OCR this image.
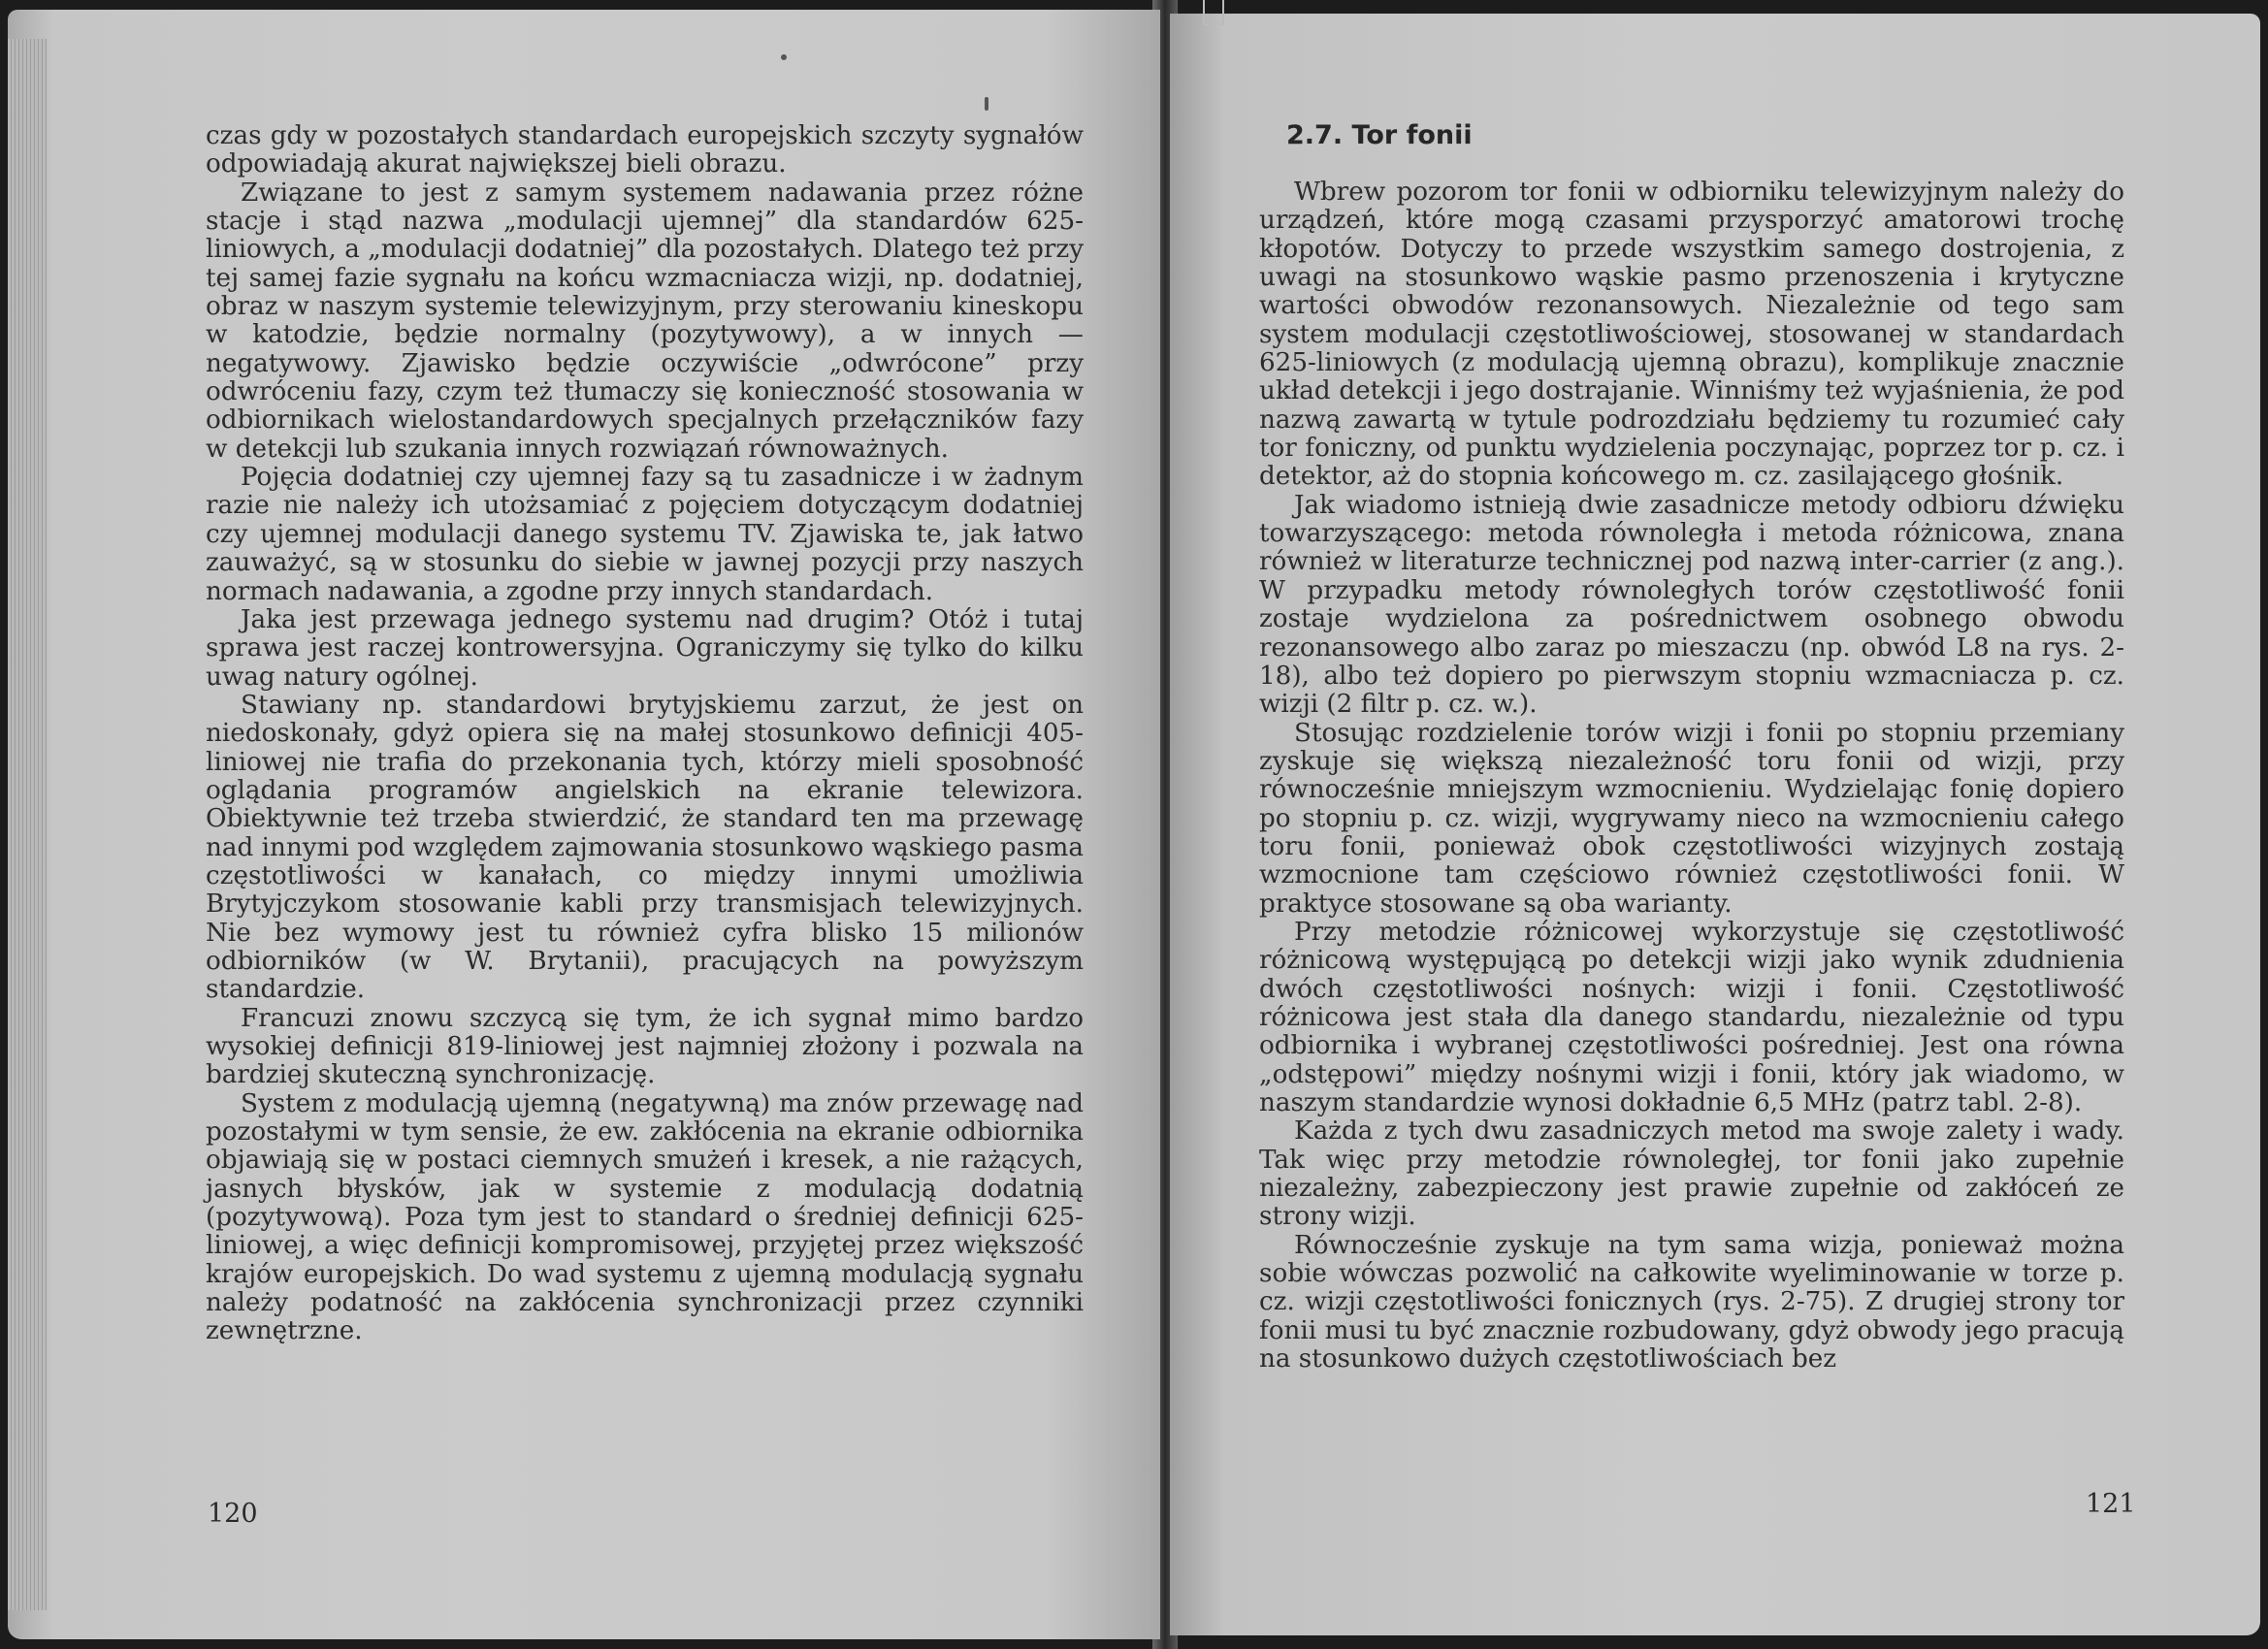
czas gdy w pozostałych standardach europejskich szczyty sygnałów odpowiadają akurat największej bieli obrazu.

Związane to jest z samym systemem nadawania przez różne stacje i stąd nazwa „modulacji ujemnej” dla standardów 625-liniowych, a „modulacji dodatniej” dla pozostałych. Dlatego też przy tej samej fazie sygnału na końcu wzmacniacza wizji, np. dodatniej, obraz w naszym systemie telewizyjnym, przy sterowaniu kineskopu w katodzie, będzie normalny (pozytywowy), a w innych — negatywowy. Zjawisko będzie oczywiście „odwrócone” przy odwróceniu fazy, czym też tłumaczy się konieczność stosowania w odbiornikach wielostandardowych specjalnych przełączników fazy w detekcji lub szukania innych rozwiązań równoważnych.

Pojęcia dodatniej czy ujemnej fazy są tu zasadnicze i w żadnym razie nie należy ich utożsamiać z pojęciem dotyczącym dodatniej czy ujemnej modulacji danego systemu TV. Zjawiska te, jak łatwo zauważyć, są w stosunku do siebie w jawnej pozycji przy naszych normach nadawania, a zgodne przy innych standardach.

Jaka jest przewaga jednego systemu nad drugim? Otóż i tutaj sprawa jest raczej kontrowersyjna. Ograniczymy się tylko do kilku uwag natury ogólnej.

Stawiany np. standardowi brytyjskiemu zarzut, że jest on niedoskonały, gdyż opiera się na małej stosunkowo definicji 405-liniowej nie trafia do przekonania tych, którzy mieli sposobność oglądania programów angielskich na ekranie telewizora. Obiektywnie też trzeba stwierdzić, że standard ten ma przewagę nad innymi pod względem zajmowania stosunkowo wąskiego pasma częstotliwości w kanałach, co między innymi umożliwia Brytyjczykom stosowanie kabli przy transmisjach telewizyjnych. Nie bez wymowy jest tu również cyfra blisko 15 milionów odbiorników (w W. Brytanii), pracujących na powyższym standardzie.

Francuzi znowu szczycą się tym, że ich sygnał mimo bardzo wysokiej definicji 819-liniowej jest najmniej złożony i pozwala na bardziej skuteczną synchronizację.

System z modulacją ujemną (negatywną) ma znów przewagę nad pozostałymi w tym sensie, że ew. zakłócenia na ekranie odbiornika objawiają się w postaci ciemnych smużeń i kresek, a nie rażących, jasnych błysków, jak w systemie z modulacją dodatnią (pozytywową). Poza tym jest to standard o średniej definicji 625-liniowej, a więc definicji kompromisowej, przyjętej przez większość krajów europejskich. Do wad systemu z ujemną modulacją sygnału należy podatność na zakłócenia synchronizacji przez czynniki zewnętrzne.

120
2.7. Tor fonii

Wbrew pozorom tor fonii w odbiorniku telewizyjnym należy do urządzeń, które mogą czasami przysporzyć amatorowi trochę kłopotów. Dotyczy to przede wszystkim samego dostrojenia, z uwagi na stosunkowo wąskie pasmo przenoszenia i krytyczne wartości obwodów rezonansowych. Niezależnie od tego sam system modulacji częstotliwościowej, stosowanej w standardach 625-liniowych (z modulacją ujemną obrazu), komplikuje znacznie układ detekcji i jego dostrajanie. Winniśmy też wyjaśnienia, że pod nazwą zawartą w tytule podrozdziału będziemy tu rozumieć cały tor foniczny, od punktu wydzielenia poczynając, poprzez tor p. cz. i detektor, aż do stopnia końcowego m. cz. zasilającego głośnik.

Jak wiadomo istnieją dwie zasadnicze metody odbioru dźwięku towarzyszącego: metoda równoległa i metoda różnicowa, znana również w literaturze technicznej pod nazwą inter-carrier (z ang.). W przypadku metody równoległych torów częstotliwość fonii zostaje wydzielona za pośrednictwem osobnego obwodu rezonansowego albo zaraz po mieszaczu (np. obwód L8 na rys. 2-18), albo też dopiero po pierwszym stopniu wzmacniacza p. cz. wizji (2 filtr p. cz. w.).

Stosując rozdzielenie torów wizji i fonii po stopniu przemiany zyskuje się większą niezależność toru fonii od wizji, przy równocześnie mniejszym wzmocnieniu. Wydzielając fonię dopiero po stopniu p. cz. wizji, wygrywamy nieco na wzmocnieniu całego toru fonii, ponieważ obok częstotliwości wizyjnych zostają wzmocnione tam częściowo również częstotliwości fonii. W praktyce stosowane są oba warianty.

Przy metodzie różnicowej wykorzystuje się częstotliwość różnicową występującą po detekcji wizji jako wynik zdudnienia dwóch częstotliwości nośnych: wizji i fonii. Częstotliwość różnicowa jest stała dla danego standardu, niezależnie od typu odbiornika i wybranej częstotliwości pośredniej. Jest ona równa „odstępowi” między nośnymi wizji i fonii, który jak wiadomo, w naszym standardzie wynosi dokładnie 6,5 MHz (patrz tabl. 2-8).

Każda z tych dwu zasadniczych metod ma swoje zalety i wady. Tak więc przy metodzie równoległej, tor fonii jako zupełnie niezależny, zabezpieczony jest prawie zupełnie od zakłóceń ze strony wizji.

Równocześnie zyskuje na tym sama wizja, ponieważ można sobie wówczas pozwolić na całkowite wyeliminowanie w torze p. cz. wizji częstotliwości fonicznych (rys. 2-75). Z drugiej strony tor fonii musi tu być znacznie rozbudowany, gdyż obwody jego pracują na stosunkowo dużych częstotliwościach bez

121
